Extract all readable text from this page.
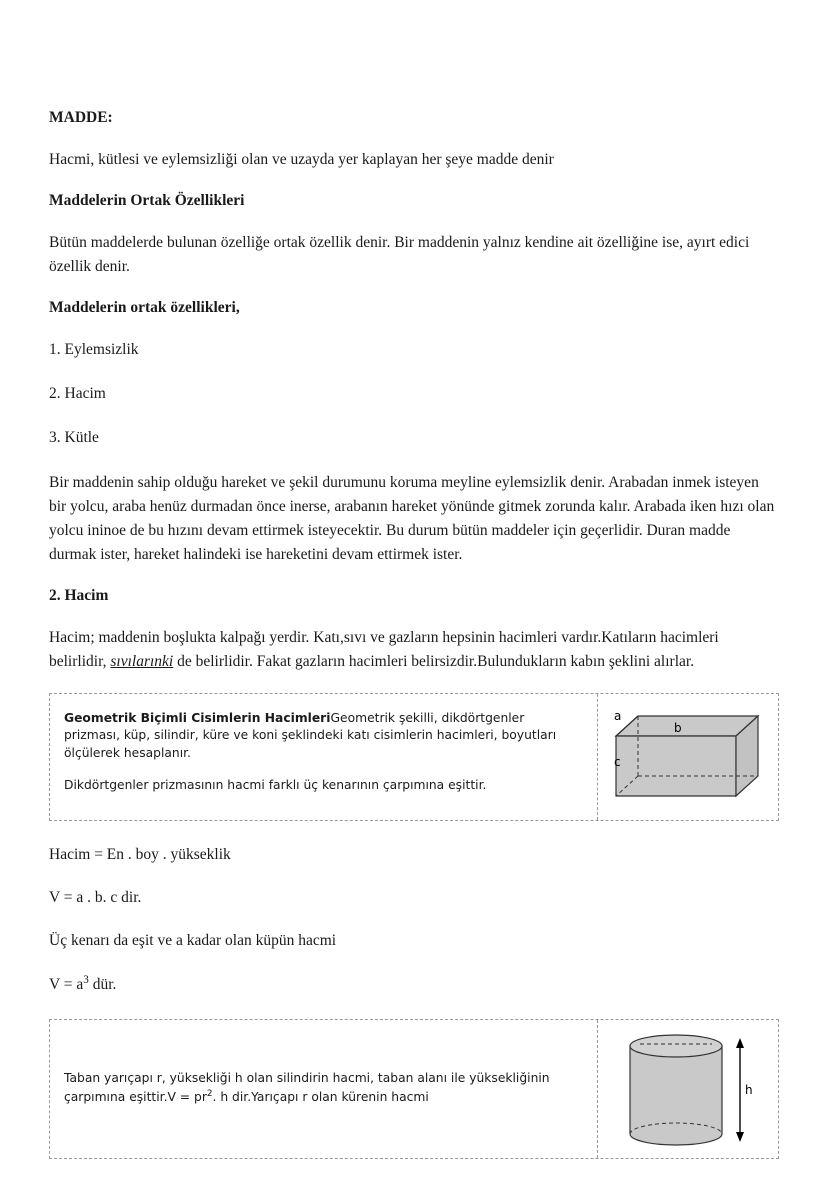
MADDE:
Hacmi, kütlesi ve eylemsizliği olan ve uzayda yer kaplayan her şeye madde denir
Maddelerin Ortak Özellikleri
Bütün maddelerde bulunan özelliğe ortak özellik denir. Bir maddenin yalnız kendine ait özelliğine ise, ayırt edici özellik denir.
Maddelerin ortak özellikleri,
1. Eylemsizlik
2. Hacim
3. Kütle
Bir maddenin sahip olduğu hareket ve şekil durumunu koruma meyline eylemsizlik denir. Arabadan inmek isteyen bir yolcu, araba henüz durmadan önce inerse, arabanın hareket yönünde gitmek zorunda kalır. Arabada iken hızı olan yolcu ininoe de bu hızını devam ettirmek isteyecektir. Bu durum bütün maddeler için geçerlidir. Duran madde durmak ister, hareket halindeki ise hareketini devam ettirmek ister.
2. Hacim
Hacim; maddenin boşlukta kalpağı yerdir. Katı,sıvı ve gazların hepsinin hacimleri vardır.Katıların hacimleri belirlidir, sıvılarınki de belirlidir. Fakat gazların hacimleri belirsizdir.Bulundukların kabın şeklini alırlar.
Geometrik Biçimli Cisimlerin HacimleriGeometrik şekilli, dikdörtgenler prizması, küp, silindir, küre ve koni şeklindeki katı cisimlerin hacimleri, boyutları ölçülerek hesaplanır.
Dikdörtgenler prizmasının hacmi farklı üç kenarının çarpımına eşittir.
a
b
c
Hacim = En . boy . yükseklik
V = a . b. c dir.
Üç kenarı da eşit ve a kadar olan küpün hacmi
$V = a^3$ dür.
Taban yarıçapı r, yüksekliği h olan silindirin hacmi, taban alanı ile yüksekliğinin çarpımına eşittir.V = $pr^2$. h dir.Yarıçapı r olan kürenin hacmi
h
